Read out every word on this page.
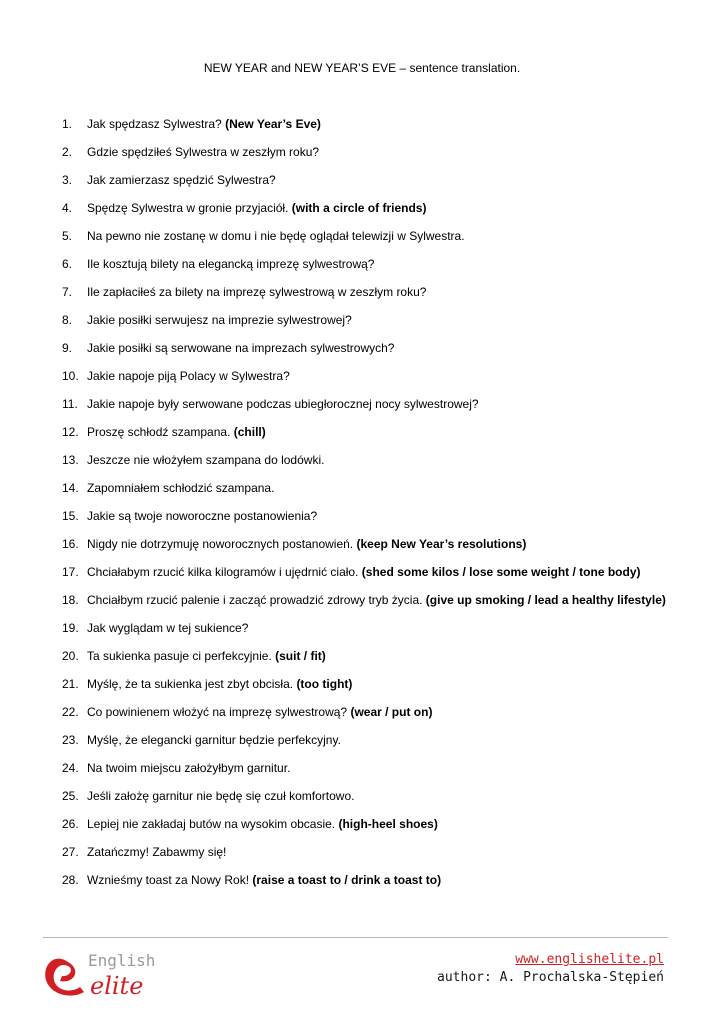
NEW YEAR and NEW YEAR’S EVE – sentence translation.
1.	Jak spędzasz Sylwestra? (New Year’s Eve)
2.	Gdzie spędziłeś Sylwestra w zeszłym roku?
3.	Jak zamierzasz spędzić Sylwestra?
4.	Spędzę Sylwestra w gronie przyjaciół. (with a circle of friends)
5.	Na pewno nie zostanę w domu i nie będę oglądał telewizji w Sylwestra.
6.	Ile kosztują bilety na elegancką imprezę sylwestrową?
7.	Ile zapłaciłeś za bilety na imprezę sylwestrową w zeszłym roku?
8.	Jakie posiłki serwujesz na imprezie sylwestrowej?
9.	Jakie posiłki są serwowane na imprezach sylwestrowych?
10. Jakie napoje piją Polacy w Sylwestra?
11. Jakie napoje były serwowane podczas ubiegłorocznej nocy sylwestrowej?
12. Proszę schłodź szampana. (chill)
13. Jeszcze nie włożyłem szampana do lodówki.
14. Zapomniałem schłodzić szampana.
15. Jakie są twoje noworoczne postanowienia?
16. Nigdy nie dotrzymuję noworocznych postanowień. (keep New Year’s resolutions)
17. Chciałabym rzucić kilka kilogramów i ujędrnić ciało. (shed some kilos / lose some weight / tone body)
18. Chciałbym rzucić palenie i zacząć prowadzić zdrowy tryb życia. (give up smoking / lead a healthy lifestyle)
19. Jak wyglądam w tej sukience?
20. Ta sukienka pasuje ci perfekcyjnie. (suit / fit)
21. Myślę, że ta sukienka jest zbyt obcisła. (too tight)
22. Co powinienem włożyć na imprezę sylwestrową? (wear / put on)
23. Myślę, że elegancki garnitur będzie perfekcyjny.
24. Na twoim miejscu założyłbym garnitur.
25. Jeśli założę garnitur nie będę się czuł komfortowo.
26. Lepiej nie zakładaj butów na wysokim obcasie. (high-heel shoes)
27. Zatańczmy! Zabawmy się!
28. Wznieśmy toast za Nowy Rok! (raise a toast to / drink a toast to)
English
elite
www.englishelite.pl
author: A. Prochalska-Stępień
